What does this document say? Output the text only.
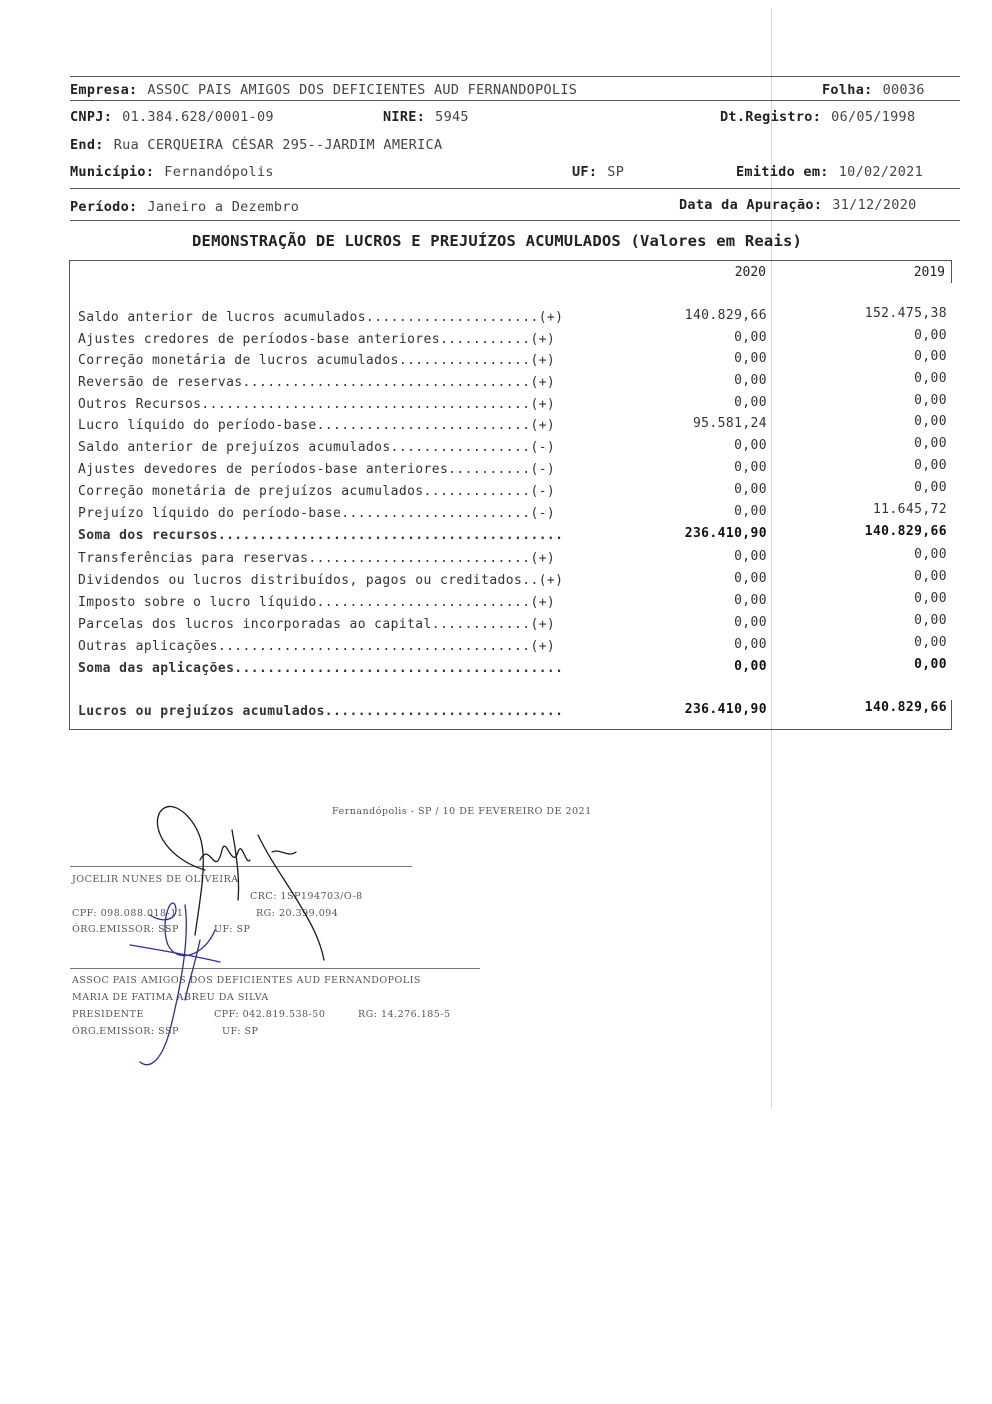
Empresa: ASSOC PAIS AMIGOS DOS DEFICIENTES AUD FERNANDOPOLIS	Folha: 00036
CNPJ: 01.384.628/0001-09	NIRE: 5945	Dt.Registro: 06/05/1998
End: Rua CERQUEIRA CÉSAR 295--JARDIM AMERICA
Município: Fernandópolis	UF: SP	Emitido em: 10/02/2021
Período: Janeiro a Dezembro	Data da Apuração: 31/12/2020
DEMONSTRAÇÃO DE LUCROS E PREJUÍZOS ACUMULADOS (Valores em Reais)
2020	2019
Saldo anterior de lucros acumulados.....................(+)	140.829,66	152.475,38
Ajustes credores de períodos-base anteriores...........(+)	0,00	0,00
Correção monetária de lucros acumulados................(+)	0,00	0,00
Reversão de reservas...................................(+)	0,00	0,00
Outros Recursos........................................(+)	0,00	0,00
Lucro líquido do período-base..........................(+)	95.581,24	0,00
Saldo anterior de prejuízos acumulados.................(-)	0,00	0,00
Ajustes devedores de períodos-base anteriores..........(-)	0,00	0,00
Correção monetária de prejuízos acumulados.............(-)	0,00	0,00
Prejuízo líquido do período-base.......................(-)	0,00	11.645,72
Soma dos recursos..........................................	236.410,90	140.829,66
Transferências para reservas...........................(+)	0,00	0,00
Dividendos ou lucros distribuídos, pagos ou creditados..(+)	0,00	0,00
Imposto sobre o lucro líquido..........................(+)	0,00	0,00
Parcelas dos lucros incorporadas ao capital............(+)	0,00	0,00
Outras aplicações......................................(+)	0,00	0,00
Soma das aplicações........................................	0,00	0,00
Lucros ou prejuízos acumulados.............................	236.410,90	140.829,66
Fernandópolis - SP / 10 DE FEVEREIRO DE 2021
JOCELIR NUNES DE OLIVEIRA
CRC: 1SP194703/O-8
CPF: 098.088.018-11	RG: 20.399.094
ÓRG.EMISSOR: SSP	UF: SP
ASSOC PAIS AMIGOS DOS DEFICIENTES AUD FERNANDOPOLIS
MARIA DE FATIMA ABREU DA SILVA
PRESIDENTE	CPF: 042.819.538-50	RG: 14.276.185-5
ÓRG.EMISSOR: SSP	UF: SP
